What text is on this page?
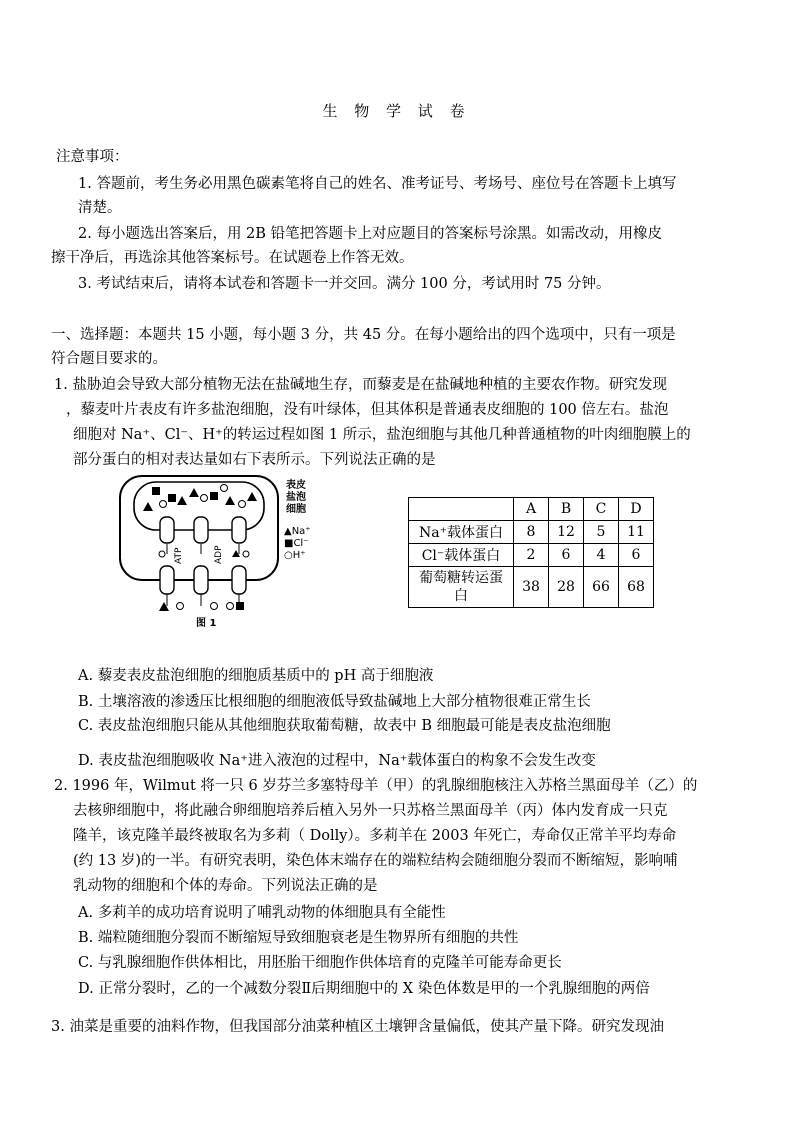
生 物 学 试 卷
注意事项：
1. 答题前，考生务必用黑色碳素笔将自己的姓名、准考证号、考场号、座位号在答题卡上填写
清楚。
2. 每小题选出答案后，用 2B 铅笔把答题卡上对应题目的答案标号涂黑。如需改动，用橡皮
擦干净后，再选涂其他答案标号。在试题卷上作答无效。
3. 考试结束后，请将本试卷和答题卡一并交回。满分 100 分，考试用时 75 分钟。
一、选择题：本题共 15 小题，每小题 3 分，共 45 分。在每小题给出的四个选项中，只有一项是
符合题目要求的。
1. 盐胁迫会导致大部分植物无法在盐碱地生存，而藜麦是在盐碱地种植的主要农作物。研究发现
，藜麦叶片表皮有许多盐泡细胞，没有叶绿体，但其体积是普通表皮细胞的 100 倍左右。盐泡
细胞对 Na⁺、Cl⁻、H⁺的转运过程如图 1 所示，盐泡细胞与其他几种普通植物的叶肉细胞膜上的
部分蛋白的相对表达量如右下表所示。下列说法正确的是
ATP	ADP
表皮
盐泡
细胞
▲Na⁺
■Cl⁻
○H⁺
图 1
	A	B	C	D
Na⁺载体蛋白	8	12	5	11
Cl⁻载体蛋白	2	6	4	6

葡萄糖转运蛋
白	38	28	66	68
A. 藜麦表皮盐泡细胞的细胞质基质中的 pH 高于细胞液
B. 土壤溶液的渗透压比根细胞的细胞液低导致盐碱地上大部分植物很难正常生长
C. 表皮盐泡细胞只能从其他细胞获取葡萄糖，故表中 B 细胞最可能是表皮盐泡细胞
D. 表皮盐泡细胞吸收 Na⁺进入液泡的过程中，Na⁺载体蛋白的构象不会发生改变
2. 1996 年，Wilmut 将一只 6 岁芬兰多塞特母羊（甲）的乳腺细胞核注入苏格兰黑面母羊（乙）的
去核卵细胞中，将此融合卵细胞培养后植入另外一只苏格兰黑面母羊（丙）体内发育成一只克
隆羊，该克隆羊最终被取名为多莉（ Dolly）。多莉羊在 2003 年死亡，寿命仅正常羊平均寿命
(约 13 岁)的一半。有研究表明，染色体末端存在的端粒结构会随细胞分裂而不断缩短，影响哺
乳动物的细胞和个体的寿命。下列说法正确的是
A. 多莉羊的成功培育说明了哺乳动物的体细胞具有全能性
B. 端粒随细胞分裂而不断缩短导致细胞衰老是生物界所有细胞的共性
C. 与乳腺细胞作供体相比，用胚胎干细胞作供体培育的克隆羊可能寿命更长
D. 正常分裂时，乙的一个减数分裂Ⅱ后期细胞中的 X 染色体数是甲的一个乳腺细胞的两倍
3. 油菜是重要的油料作物，但我国部分油菜种植区土壤钾含量偏低，使其产量下降。研究发现油
